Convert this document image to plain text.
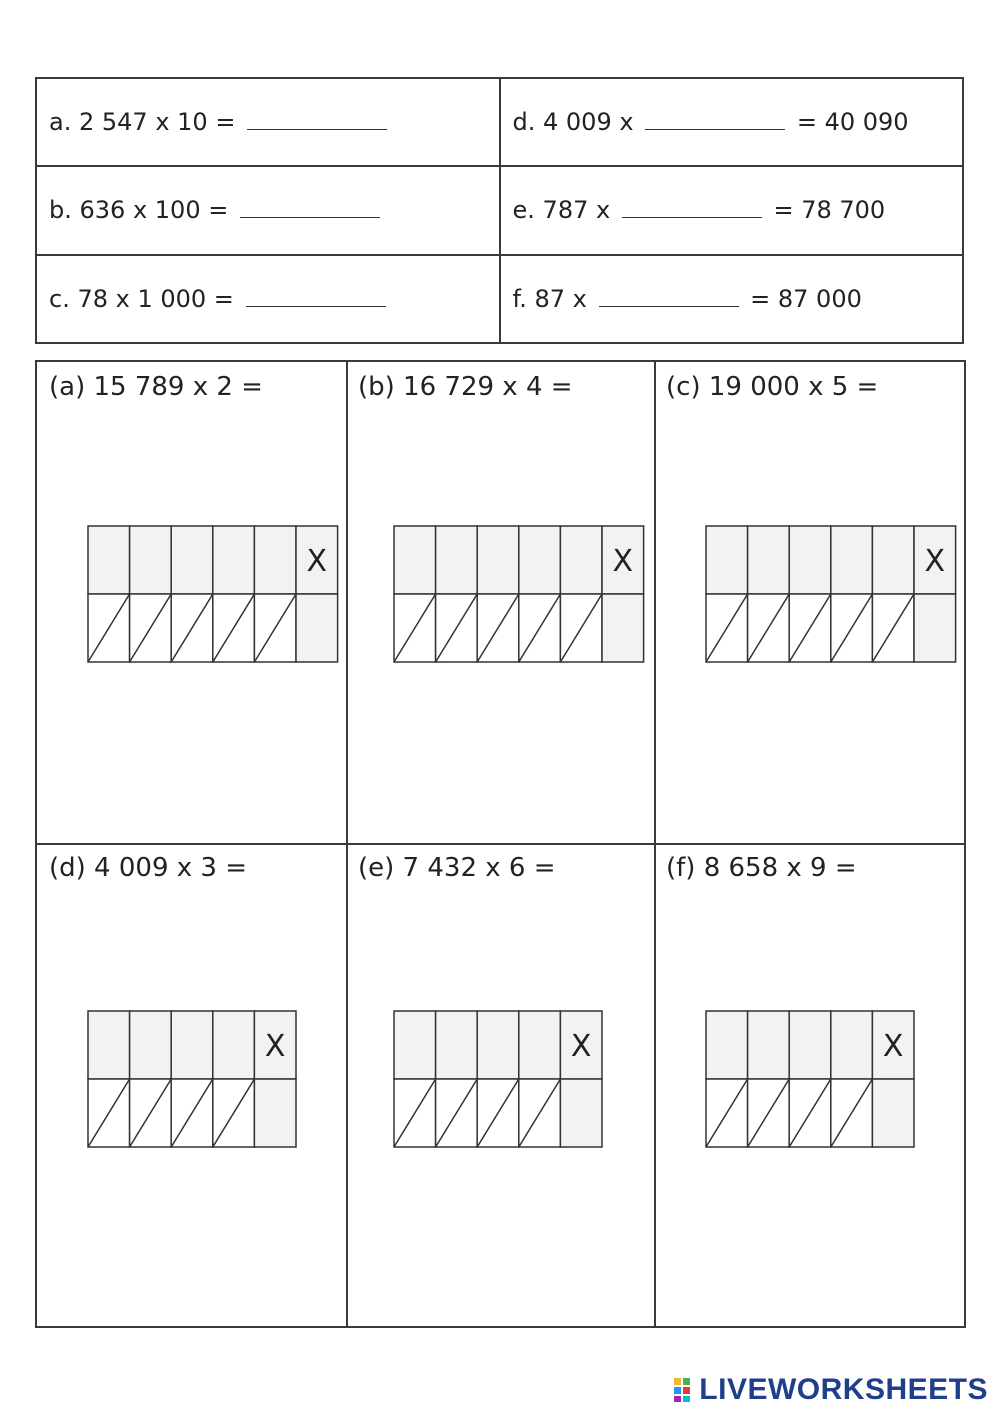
a. 2 547 x 10 =	d. 4 009 x = 40 090
b. 636 x 100 =	e. 787 x = 78 700
c. 78 x 1 000 =	f. 87 x = 87 000
(a) 15 789 x 2 =
X
(b) 16 729 x 4 =
X
(c) 19 000 x 5 =
X
(d) 4 009 x 3 =
X
(e) 7 432 x 6 =
X
(f) 8 658 x 9 =
X
LIVEWORKSHEETS
